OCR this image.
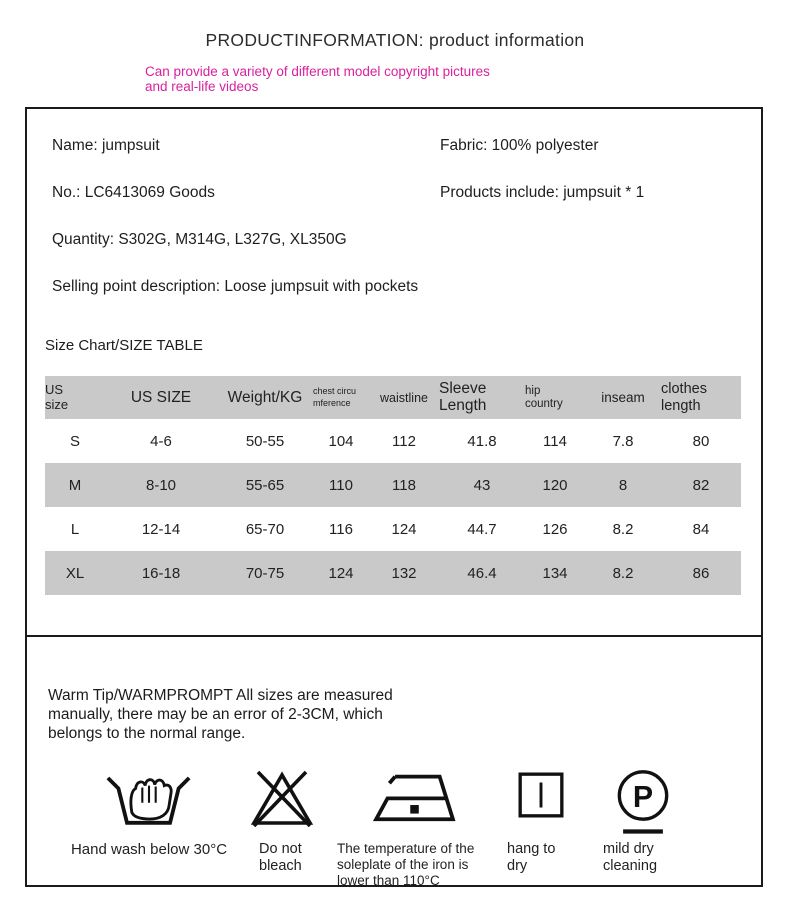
PRODUCTINFORMATION: product information
Can provide a variety of different model copyright pictures
and real-life videos
Name: jumpsuit	Fabric: 100% polyester
No.: LC6413069 Goods	Products include: jumpsuit * 1
Quantity: S302G, M314G, L327G, XL350G
Selling point description: Loose jumpsuit with pockets
Size Chart/SIZE TABLE
US size	US SIZE	Weight/KG	chest circumference	waistline	Sleeve Length	hip country	inseam	clothes length
S	4-6	50-55	104	112	41.8	114	7.8	80
M	8-10	55-65	110	118	43	120	8	82
L	12-14	65-70	116	124	44.7	126	8.2	84
XL	16-18	70-75	124	132	46.4	134	8.2	86
Warm Tip/WARMPROMPT All sizes are measured manually, there may be an error of 2-3CM, which belongs to the normal range.
Hand wash below 30°C	Do not bleach
The temperature of the soleplate of the iron is lower than 110°C
hang to dry
P
mild dry cleaning
